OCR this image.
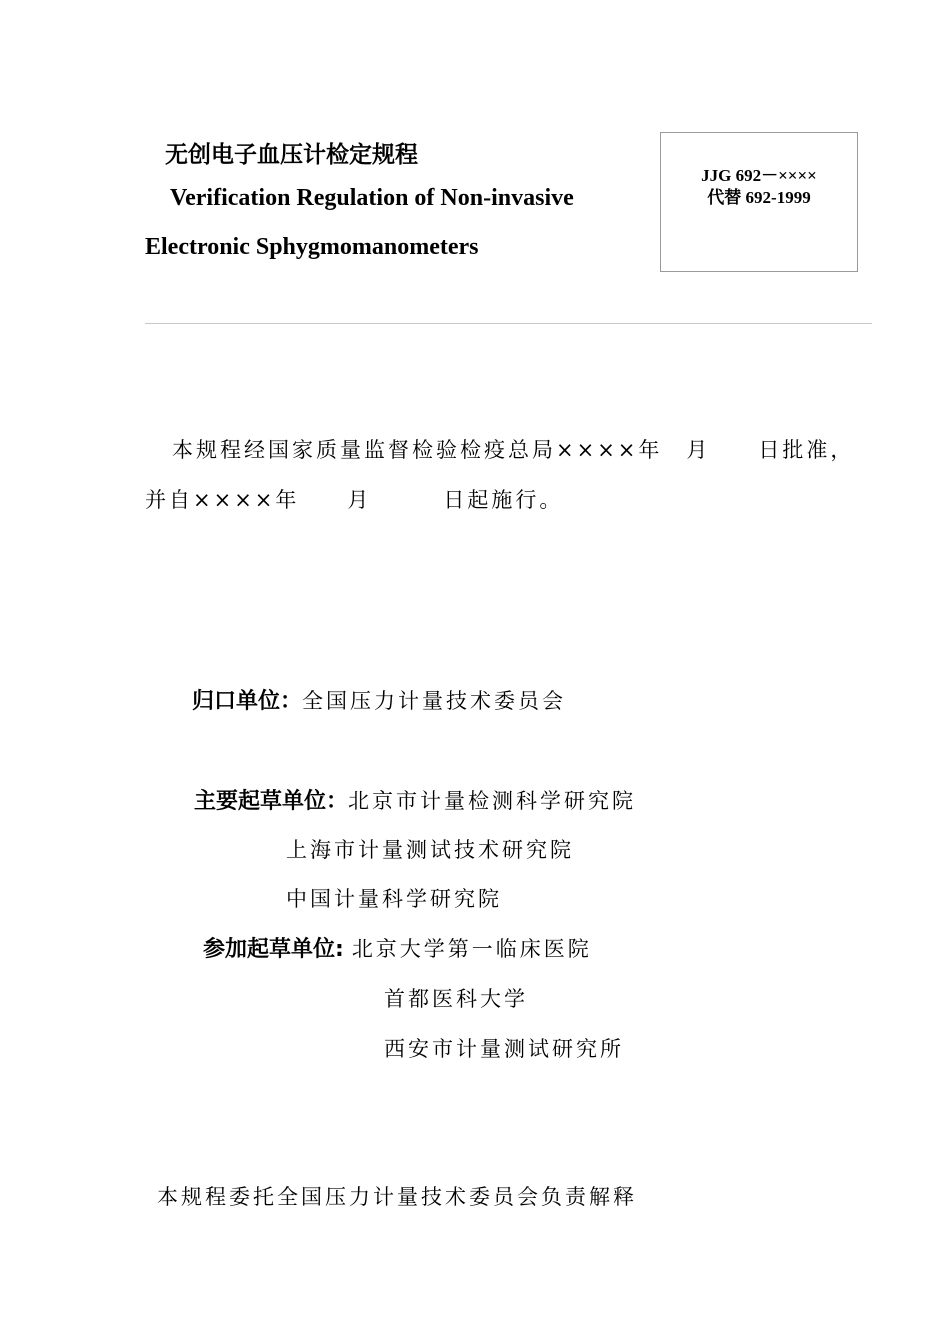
无创电子血压计检定规程
Verification Regulation of Non-invasive
Electronic Sphygmomanometers
JJG 692－××××
代替 692-1999
本规程经国家质量监督检验检疫总局××××年　月　　日批准，
并自××××年　　月　　　日起施行。
归口单位：全国压力计量技术委员会
主要起草单位：北京市计量检测科学研究院
上海市计量测试技术研究院
中国计量科学研究院
参加起草单位: 北京大学第一临床医院
首都医科大学
西安市计量测试研究所
本规程委托全国压力计量技术委员会负责解释
